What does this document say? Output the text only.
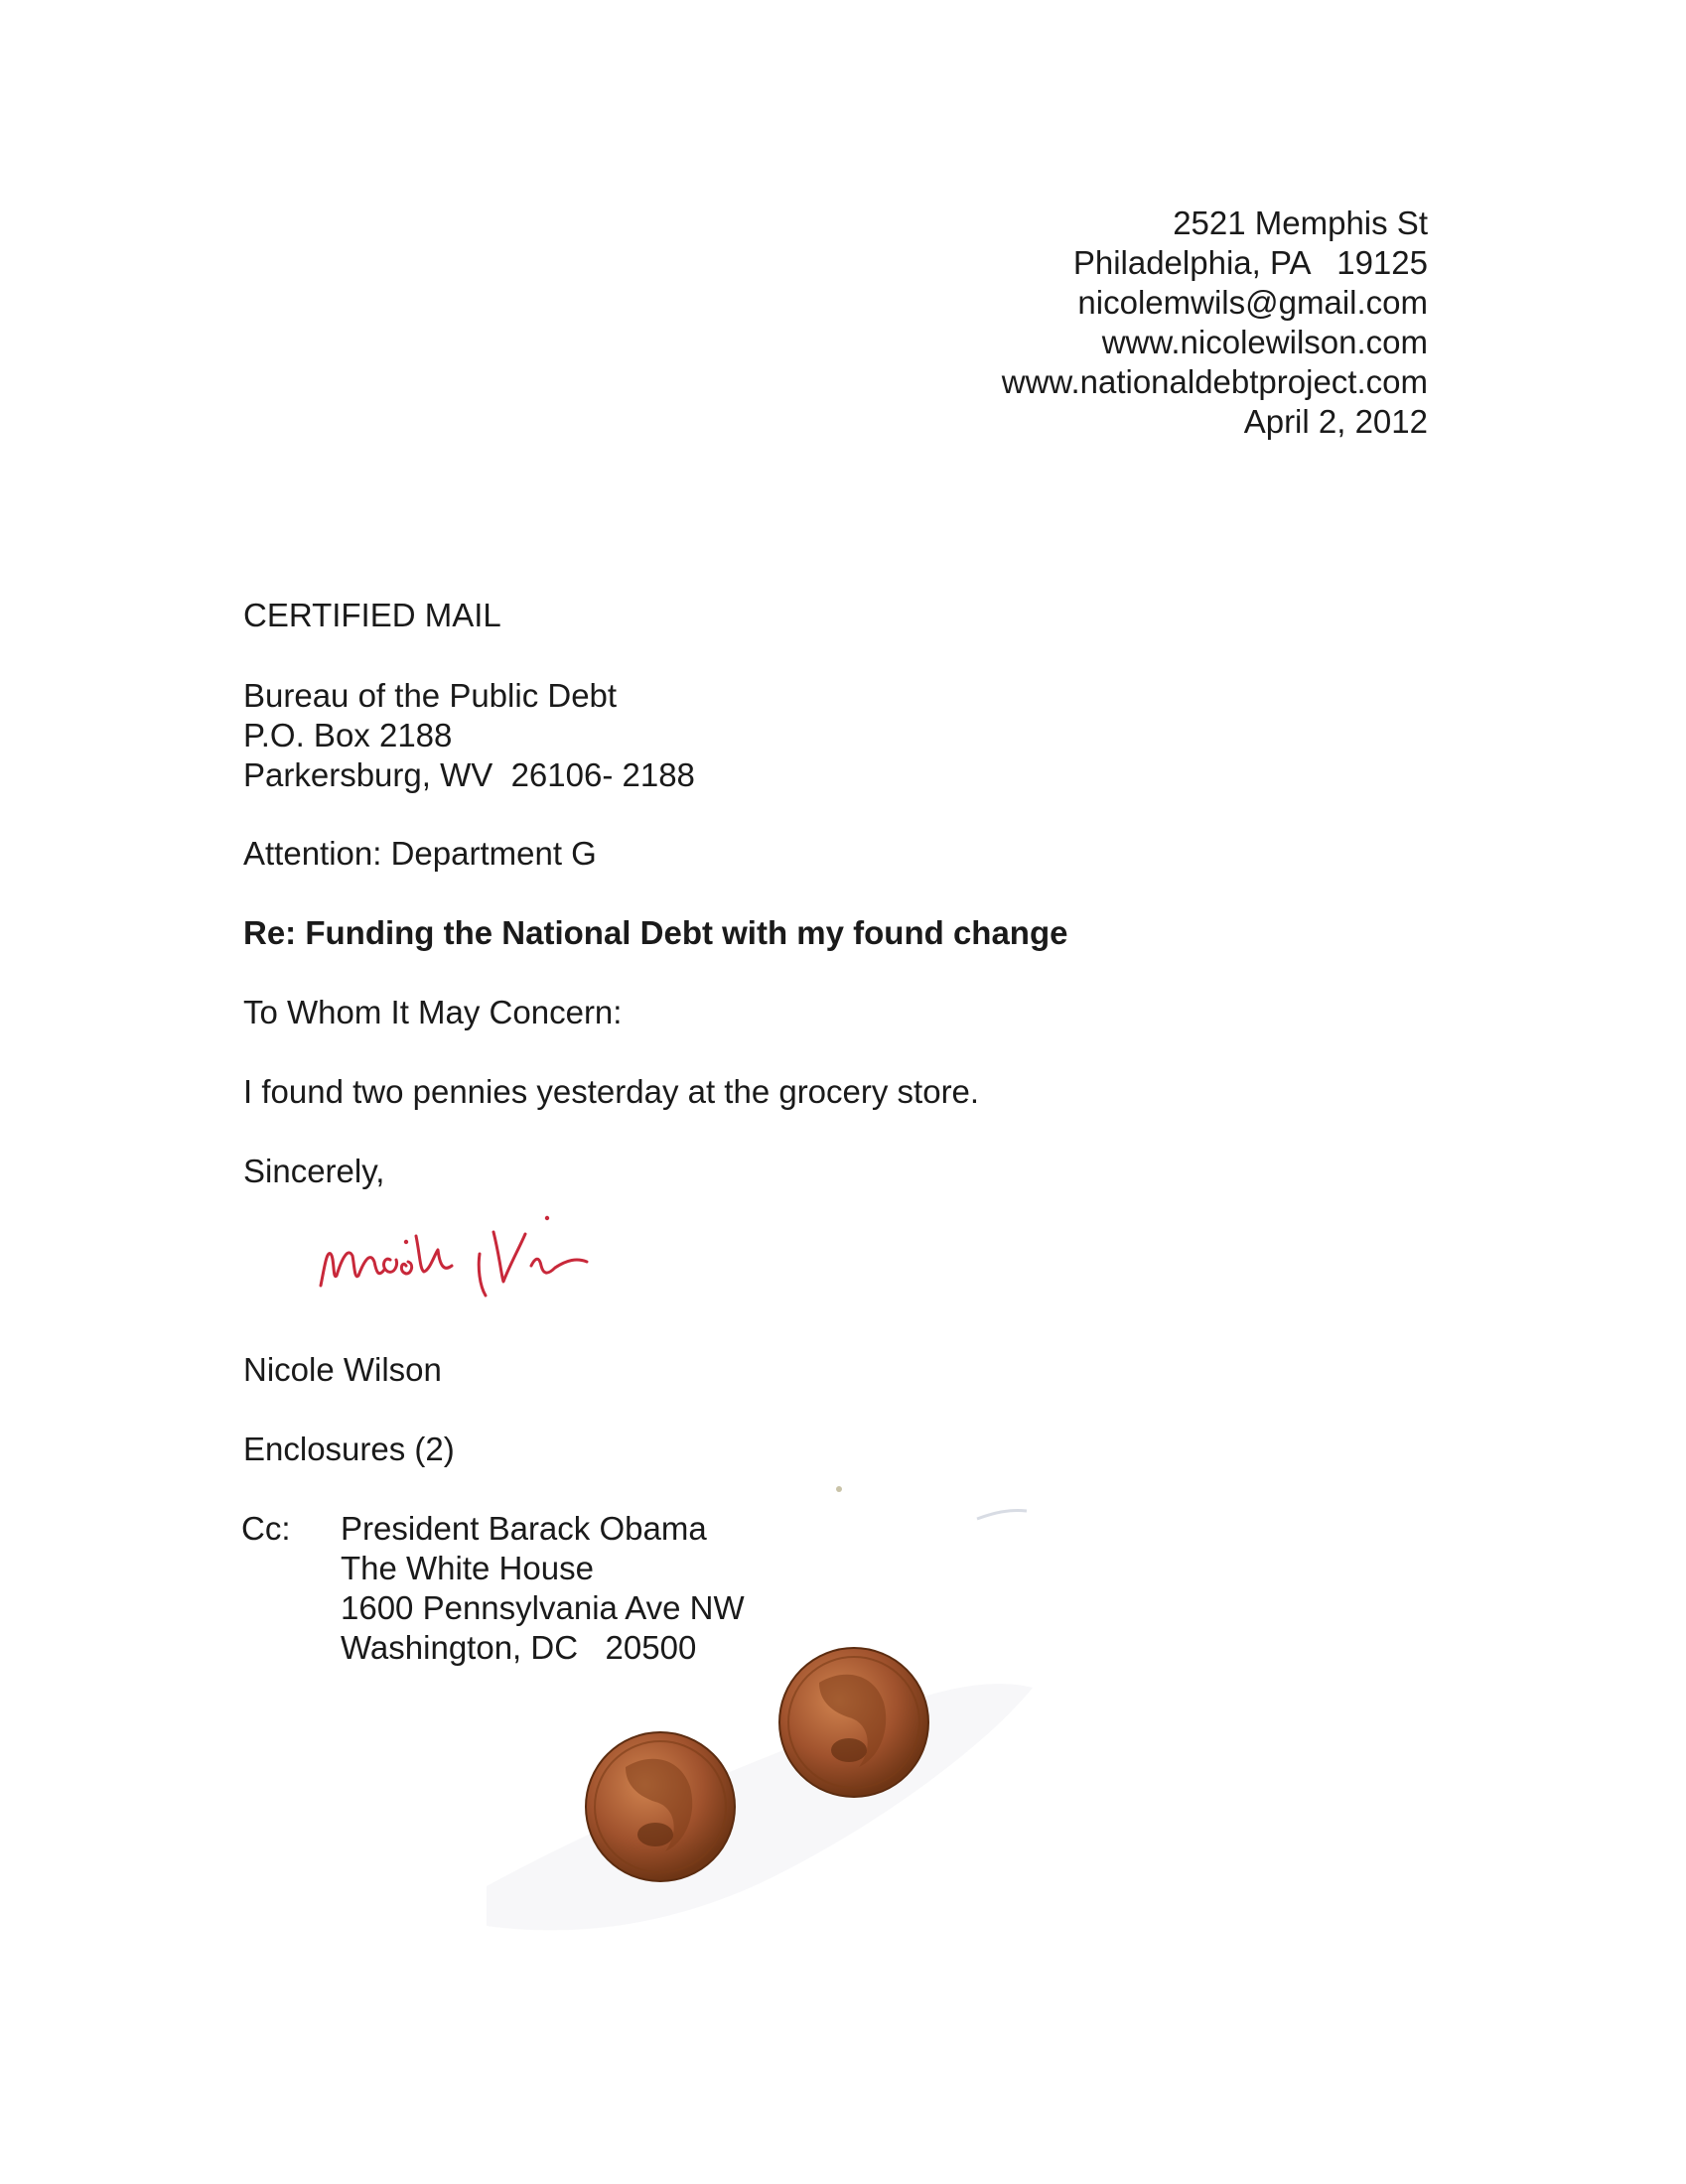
2521 Memphis St
Philadelphia, PA   19125
nicolemwils@gmail.com
www.nicolewilson.com
www.nationaldebtproject.com
April 2, 2012
CERTIFIED MAIL
Bureau of the Public Debt
P.O. Box 2188
Parkersburg, WV  26106- 2188
Attention: Department G
Re: Funding the National Debt with my found change
To Whom It May Concern:
I found two pennies yesterday at the grocery store.
Sincerely,
Nicole Wilson
Enclosures (2)
Cc: President Barack Obama
The White House
1600 Pennsylvania Ave NW
Washington, DC   20500
